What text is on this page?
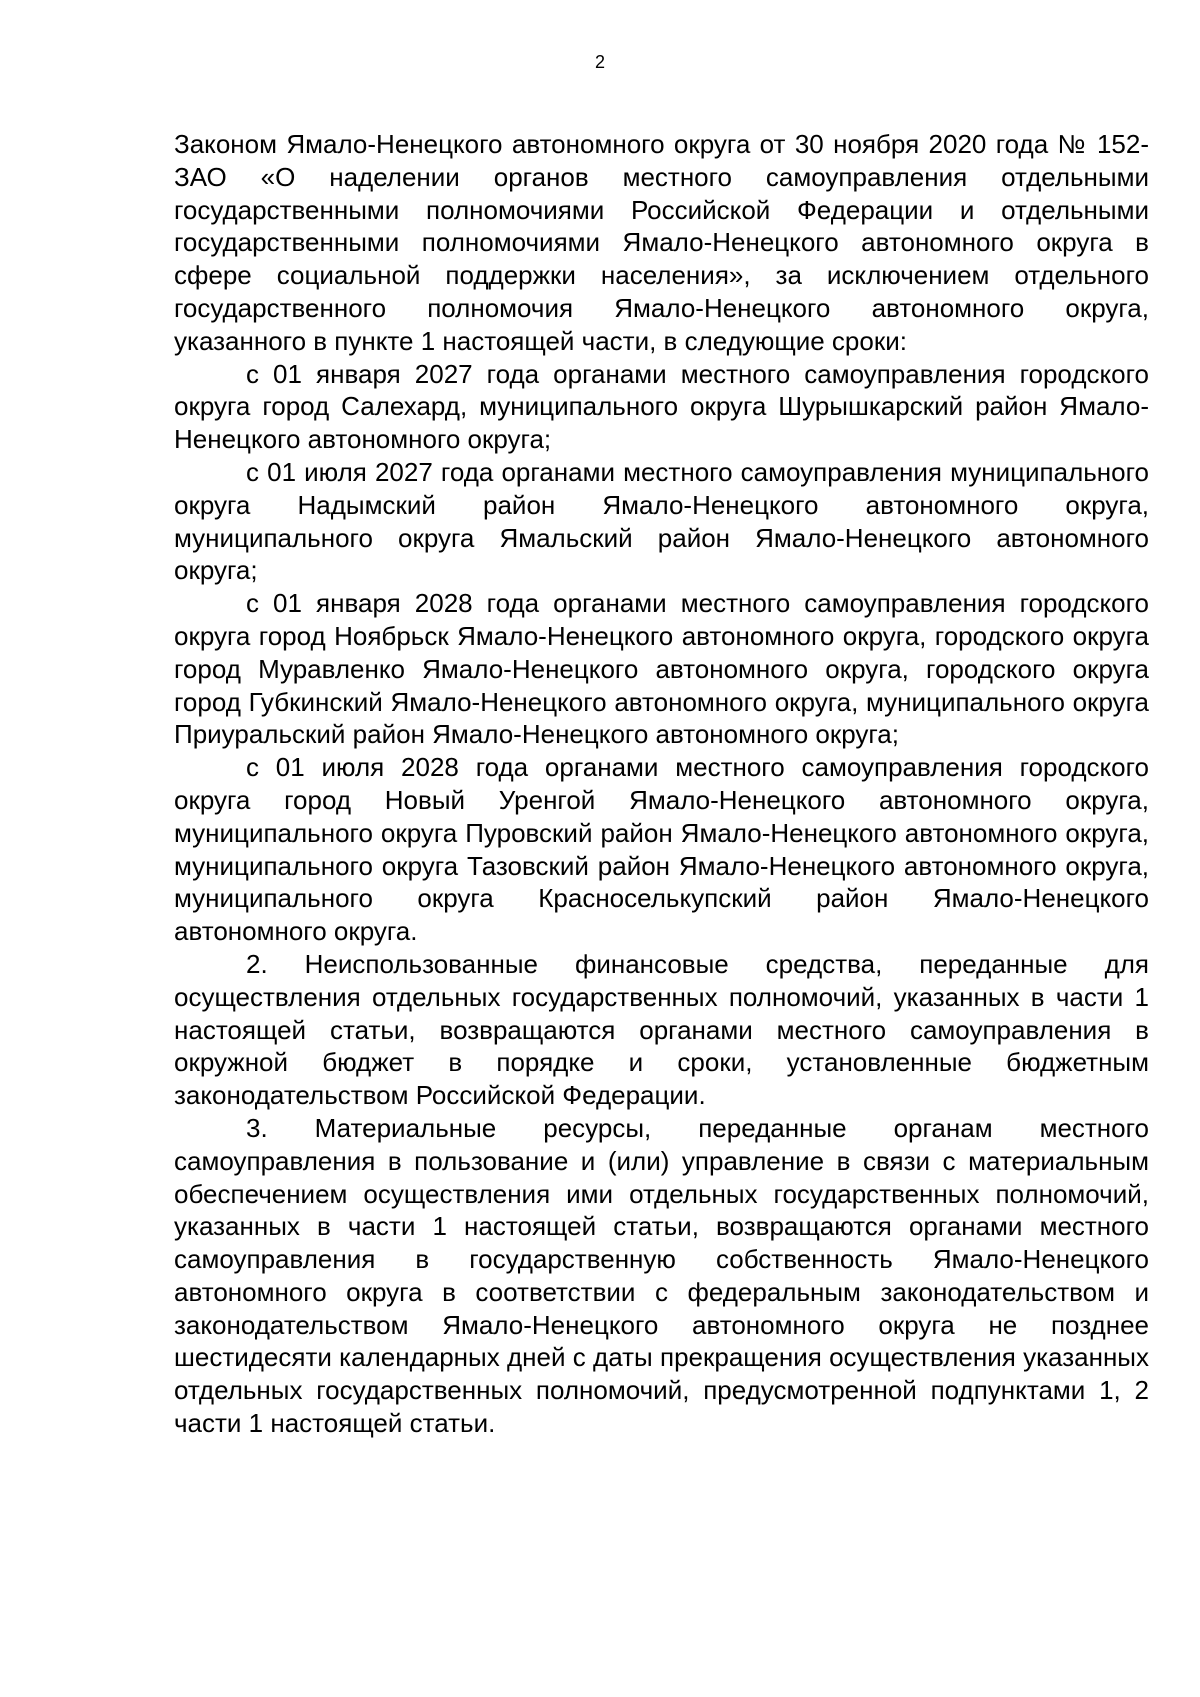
2

Законом Ямало-Ненецкого автономного округа от 30 ноября 2020 года № 152-ЗАО «О наделении органов местного самоуправления отдельными государственными полномочиями Российской Федерации и отдельными государственными полномочиями Ямало-Ненецкого автономного округа в сфере социальной поддержки населения», за исключением отдельного государственного полномочия Ямало-Ненецкого автономного округа, указанного в пункте 1 настоящей части, в следующие сроки:

с 01 января 2027 года органами местного самоуправления городского округа город Салехард, муниципального округа Шурышкарский район Ямало-Ненецкого автономного округа;

с 01 июля 2027 года органами местного самоуправления муниципального округа Надымский район Ямало-Ненецкого автономного округа, муниципального округа Ямальский район Ямало-Ненецкого автономного округа;

с 01 января 2028 года органами местного самоуправления городского округа город Ноябрьск Ямало-Ненецкого автономного округа, городского округа город Муравленко Ямало-Ненецкого автономного округа, городского округа город Губкинский Ямало-Ненецкого автономного округа, муниципального округа Приуральский район Ямало-Ненецкого автономного округа;

с 01 июля 2028 года органами местного самоуправления городского округа город Новый Уренгой Ямало-Ненецкого автономного округа, муниципального округа Пуровский район Ямало-Ненецкого автономного округа, муниципального округа Тазовский район Ямало-Ненецкого автономного округа, муниципального округа Красноселькупский район Ямало-Ненецкого автономного округа.

2. Неиспользованные финансовые средства, переданные для осуществления отдельных государственных полномочий, указанных в части 1 настоящей статьи, возвращаются органами местного самоуправления в окружной бюджет в порядке и сроки, установленные бюджетным законодательством Российской Федерации.

3. Материальные ресурсы, переданные органам местного самоуправления в пользование и (или) управление в связи с материальным обеспечением осуществления ими отдельных государственных полномочий, указанных в части 1 настоящей статьи, возвращаются органами местного самоуправления в государственную собственность Ямало-Ненецкого автономного округа в соответствии с федеральным законодательством и законодательством Ямало-Ненецкого автономного округа не позднее шестидесяти календарных дней с даты прекращения осуществления указанных отдельных государственных полномочий, предусмотренной подпунктами 1, 2 части 1 настоящей статьи.
